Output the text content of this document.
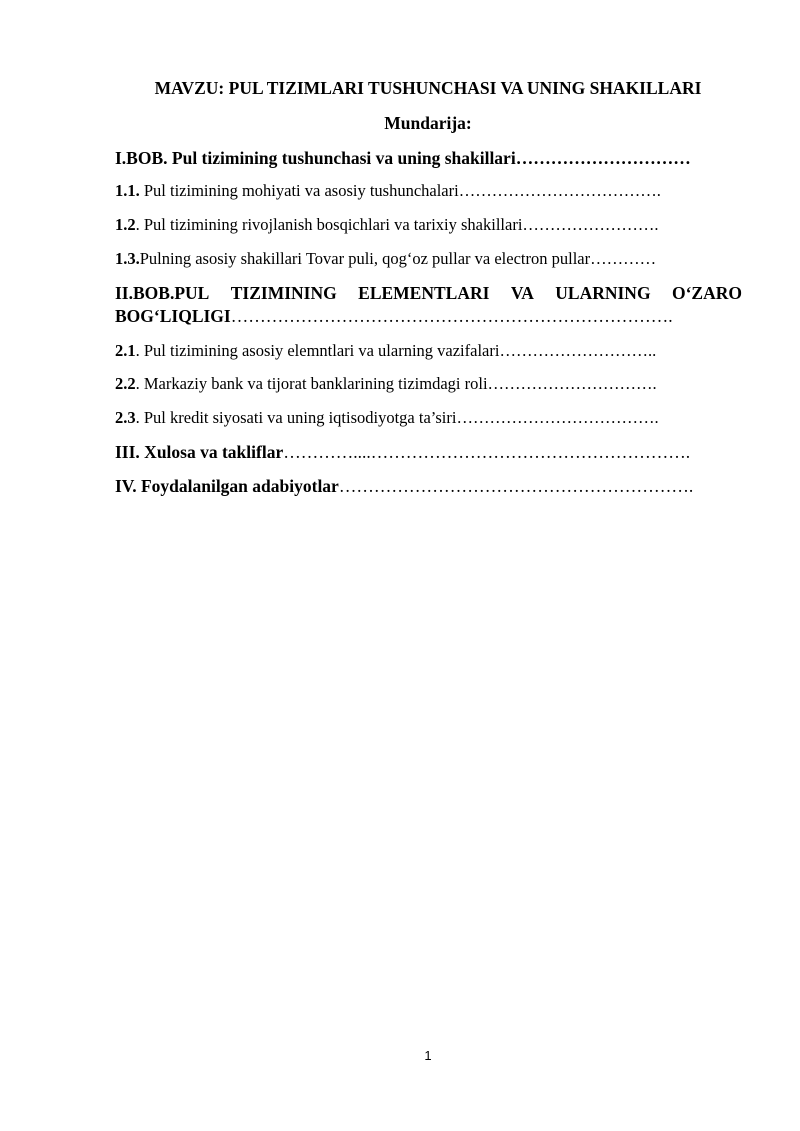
MAVZU: PUL TIZIMLARI TUSHUNCHASI VA UNING SHAKILLARI
Mundarija:
I.BOB. Pul tizimining tushunchasi va uning shakillari…………………………
1.1. Pul tizimining mohiyati va asosiy tushunchalari……………………………….
1.2. Pul tizimining rivojlanish bosqichlari va tarixiy shakillari…………………….
1.3.Pulning asosiy shakillari Tovar puli, qog‘oz pullar va electron pullar…………
II.BOB.PUL TIZIMINING ELEMENTLARI VA ULARNING O‘ZARO
BOG‘LIQLIGI………………………………………………………………….
2.1. Pul tizimining asosiy elemntlari va ularning vazifalari………………………..
2.2. Markaziy bank va tijorat banklarining tizimdagi roli………………………….
2.3. Pul kredit siyosati va uning iqtisodiyotga ta’siri……………………………….
III. Xulosa va takliflar…………....……………………………………………….
IV. Foydalanilgan adabiyotlar…………………………………………………….
1
